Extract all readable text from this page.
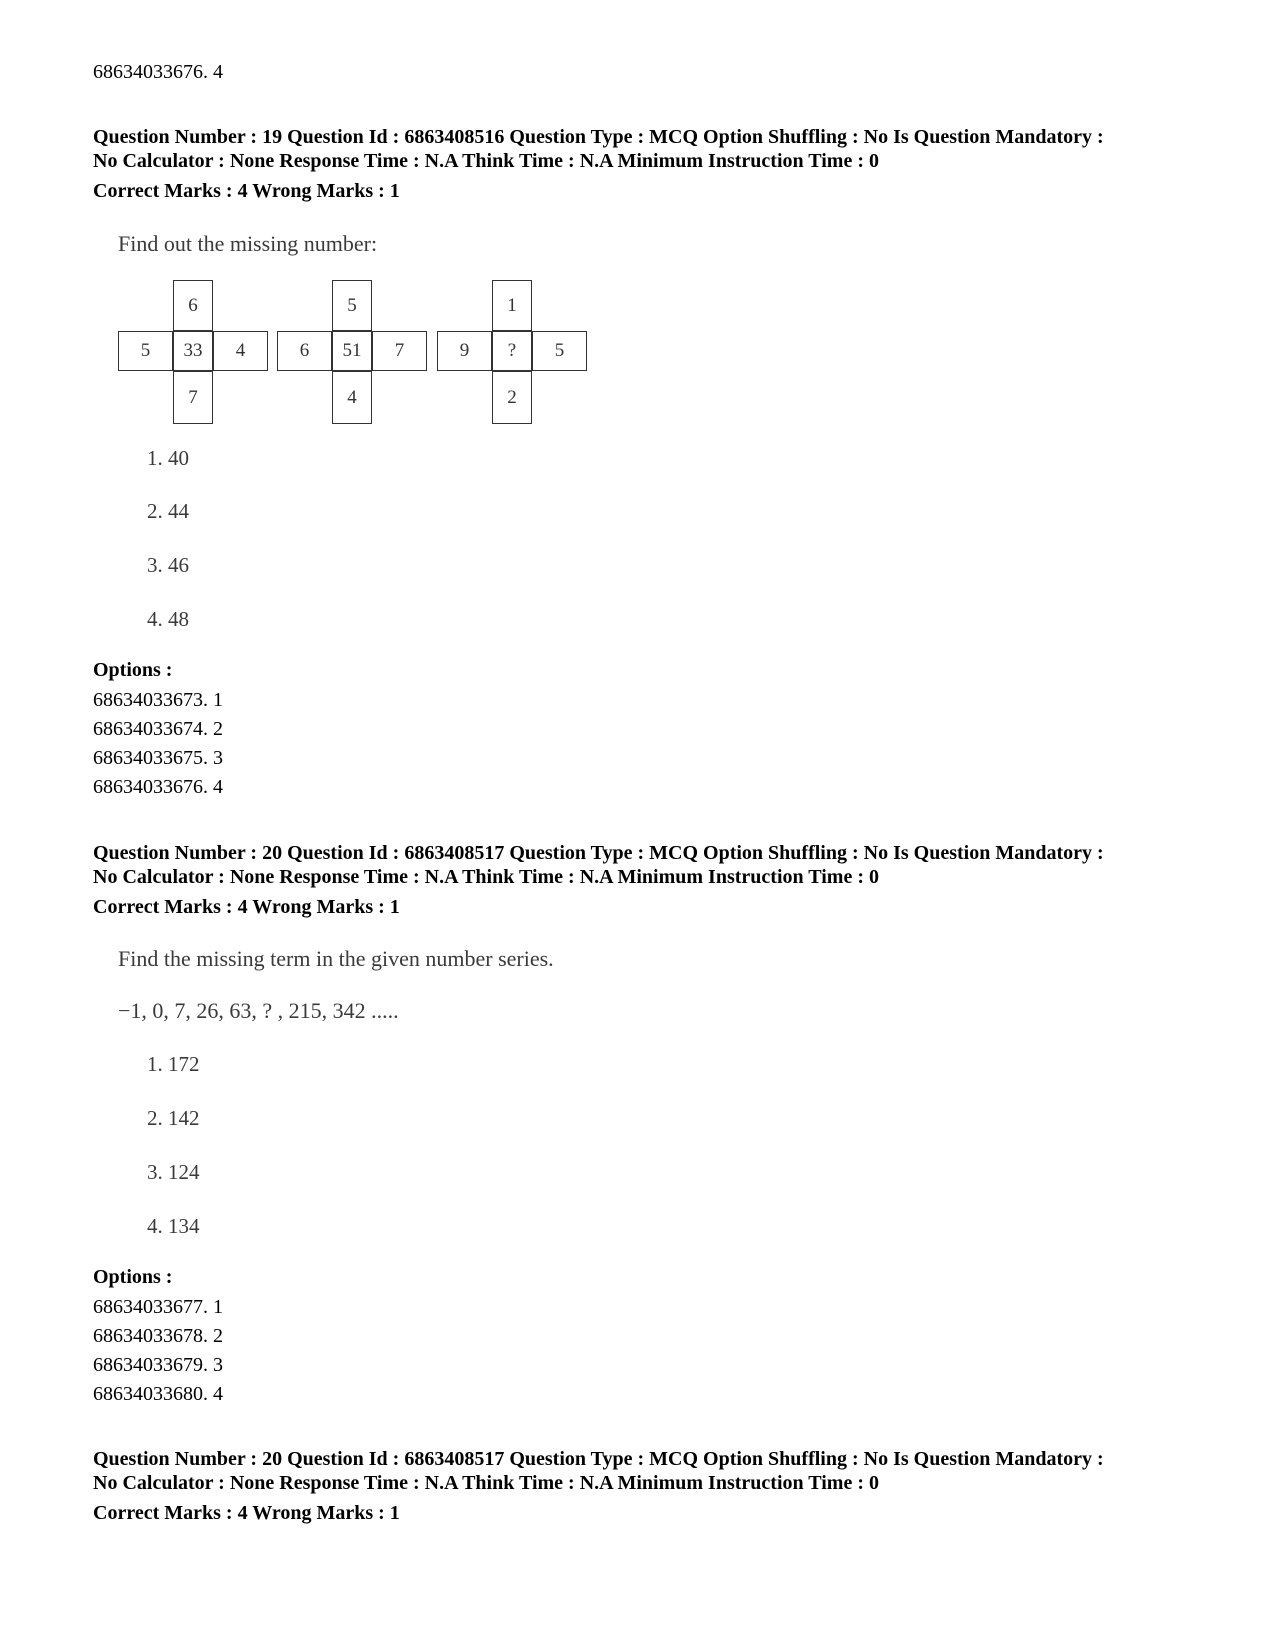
68634033676. 4
Question Number : 19 Question Id : 6863408516 Question Type : MCQ Option Shuffling : No Is Question Mandatory :
No Calculator : None Response Time : N.A Think Time : N.A Minimum Instruction Time : 0
Correct Marks : 4 Wrong Marks : 1
Find out the missing number:
6
5	33	4
7
5
6	51	7
4
1
9	?	5
2
1. 40
2. 44
3. 46
4. 48
Options :
68634033673. 1
68634033674. 2
68634033675. 3
68634033676. 4
Question Number : 20 Question Id : 6863408517 Question Type : MCQ Option Shuffling : No Is Question Mandatory :
No Calculator : None Response Time : N.A Think Time : N.A Minimum Instruction Time : 0
Correct Marks : 4 Wrong Marks : 1
Find the missing term in the given number series.
−1, 0, 7, 26, 63, ? , 215, 342 .....
1. 172
2. 142
3. 124
4. 134
Options :
68634033677. 1
68634033678. 2
68634033679. 3
68634033680. 4
Question Number : 20 Question Id : 6863408517 Question Type : MCQ Option Shuffling : No Is Question Mandatory :
No Calculator : None Response Time : N.A Think Time : N.A Minimum Instruction Time : 0
Correct Marks : 4 Wrong Marks : 1
